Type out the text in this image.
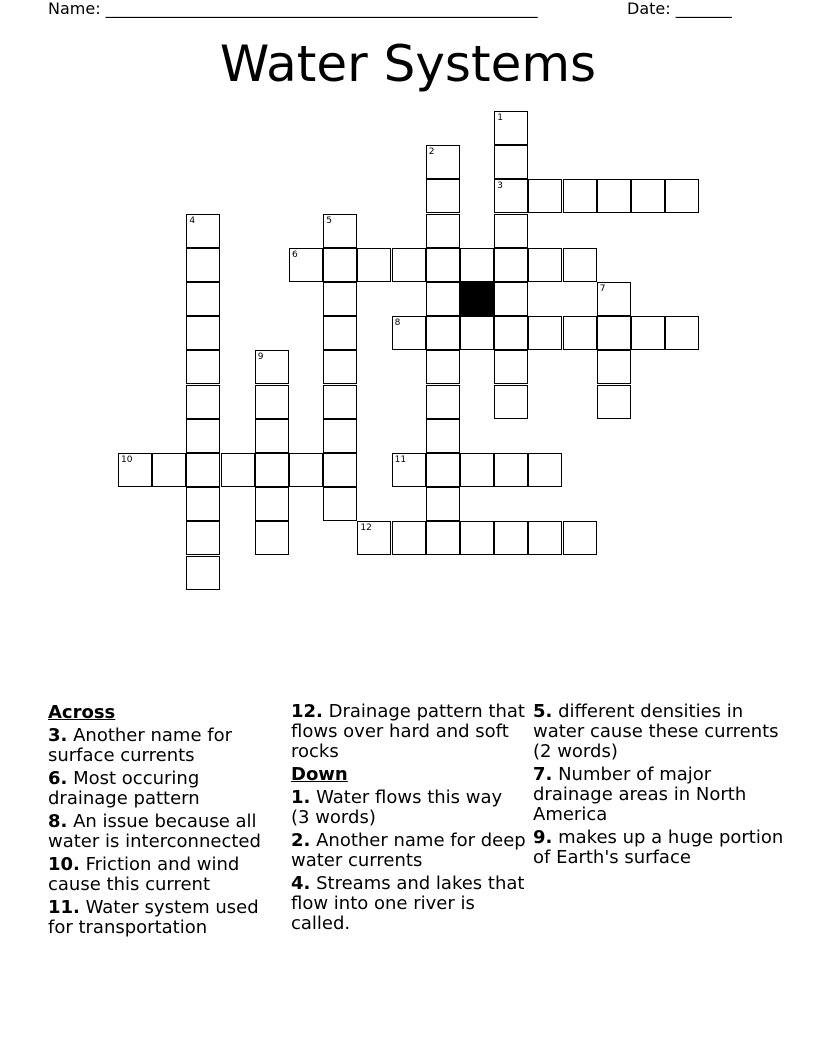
Name: ______________________________________________________	Date: _______
Water Systems
1
3
2
4	5
6
7
8
9
10	11
12
Across
3. Another name for surface currents
6. Most occuring drainage pattern
8. An issue because all water is interconnected
10. Friction and wind cause this current
11. Water system used for transportation
12. Drainage pattern that flows over hard and soft rocks
Down
1. Water flows this way (3 words)
2. Another name for deep water currents
4. Streams and lakes that flow into one river is called.
5. different densities in water cause these currents (2 words)
7. Number of major drainage areas in North America
9. makes up a huge portion of Earth's surface
